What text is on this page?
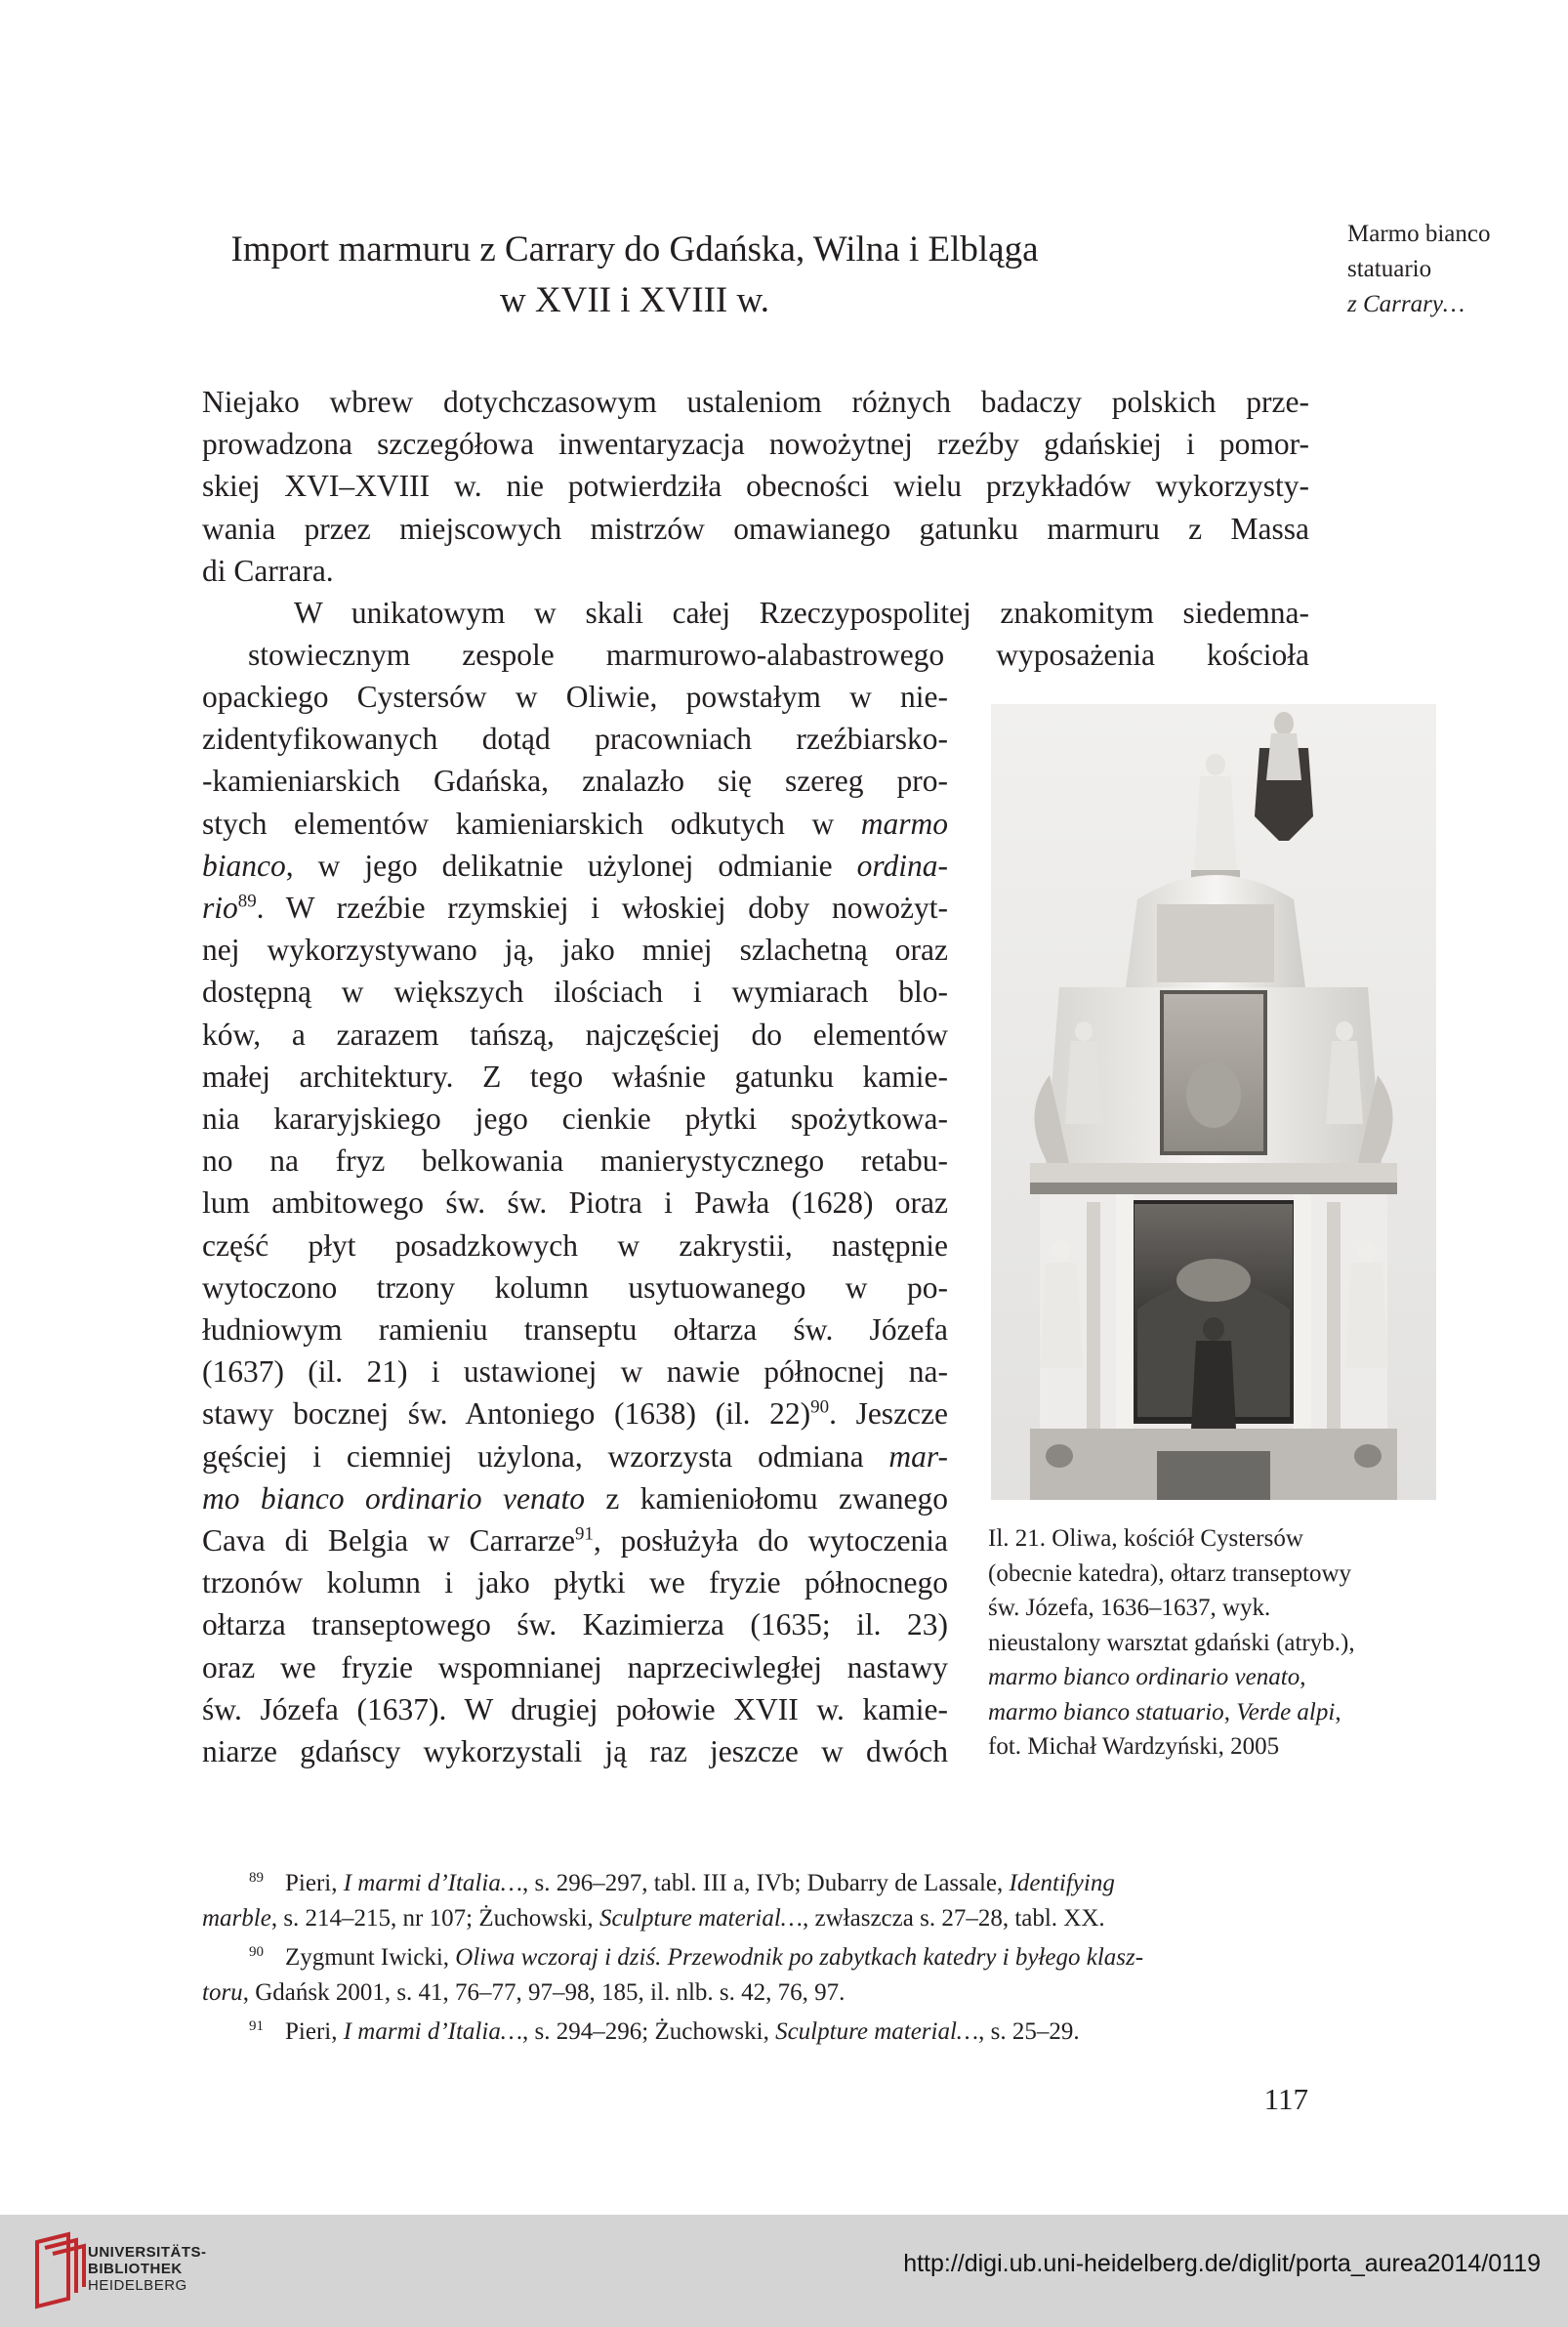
Import marmuru z Carrary do Gdańska, Wilna i Elbląga
w XVII i XVIII w.
Marmo bianco
statuario
z Carrary…
Niejako wbrew dotychczasowym ustaleniom różnych badaczy polskich prze-
prowadzona szczegółowa inwentaryzacja nowożytnej rzeźby gdańskiej i pomor-
skiej XVI–XVIII w. nie potwierdziła obecności wielu przykładów wykorzysty-
wania przez miejscowych mistrzów omawianego gatunku marmuru z Massa
di Carrara.
W unikatowym w skali całej Rzeczypospolitej znakomitym siedemna-
stowiecznym zespole marmurowo-alabastrowego wyposażenia kościoła
opackiego Cystersów w Oliwie, powstałym w nie-
zidentyfikowanych dotąd pracowniach rzeźbiarsko-
-kamieniarskich Gdańska, znalazło się szereg pro-
stych elementów kamieniarskich odkutych w marmo
bianco, w jego delikatnie użylonej odmianie ordina-
rio$^{89}$. W rzeźbie rzymskiej i włoskiej doby nowożyt-
nej wykorzystywano ją, jako mniej szlachetną oraz
dostępną w większych ilościach i wymiarach blo-
ków, a zarazem tańszą, najczęściej do elementów
małej architektury. Z tego właśnie gatunku kamie-
nia kararyjskiego jego cienkie płytki spożytkowa-
no na fryz belkowania manierystycznego retabu-
lum ambitowego św. św. Piotra i Pawła (1628) oraz
część płyt posadzkowych w zakrystii, następnie
wytoczono trzony kolumn usytuowanego w po-
łudniowym ramieniu transeptu ołtarza św. Józefa
(1637) (il. 21) i ustawionej w nawie północnej na-
stawy bocznej św. Antoniego (1638) (il. 22)$^{90}$. Jeszcze
gęściej i ciemniej użylona, wzorzysta odmiana mar-
mo bianco ordinario venato z kamieniołomu zwanego
Cava di Belgia w Carrarze$^{91}$, posłużyła do wytoczenia
trzonów kolumn i jako płytki we fryzie północnego
ołtarza transeptowego św. Kazimierza (1635; il. 23)
oraz we fryzie wspomnianej naprzeciwległej nastawy
św. Józefa (1637). W drugiej połowie XVII w. kamie-
niarze gdańscy wykorzystali ją raz jeszcze w dwóch
Il. 21. Oliwa, kościół Cystersów
(obecnie katedra), ołtarz transeptowy
św. Józefa, 1636–1637, wyk.
nieustalony warsztat gdański (atryb.),
marmo bianco ordinario venato,
marmo bianco statuario, Verde alpi,
fot. Michał Wardzyński, 2005
$^{89}$ Pieri, I marmi d’Italia…, s. 296–297, tabl. III a, IVb; Dubarry de Lassale, Identifying
marble, s. 214–215, nr 107; Żuchowski, Sculpture material…, zwłaszcza s. 27–28, tabl. XX.
$^{90}$ Zygmunt Iwicki, Oliwa wczoraj i dziś. Przewodnik po zabytkach katedry i byłego klasz-
toru, Gdańsk 2001, s. 41, 76–77, 97–98, 185, il. nlb. s. 42, 76, 97.
$^{91}$ Pieri, I marmi d’Italia…, s. 294–296; Żuchowski, Sculpture material…, s. 25–29.
117
UNIVERSITÄTS-
BIBLIOTHEK
HEIDELBERG
http://digi.ub.uni-heidelberg.de/diglit/porta_aurea2014/0119
